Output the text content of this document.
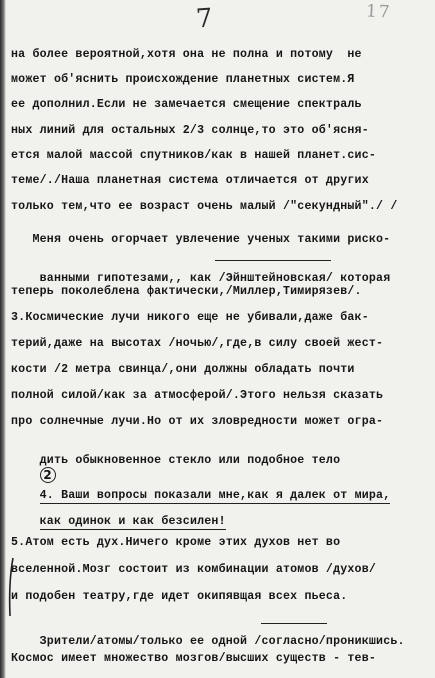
7	17
на более вероятной,хотя она не полна и потому  не
может об'яснить происхождение планетных систем.Я
ее дополнил.Если не замечается смещение спектраль
ных линий для остальных 2/3 солнце,то это об'ясня-
ется малой массой спутников/как в нашей планет.сис-
теме/./Наша планетная система отличается от других
только тем,что ее возраст очень малый /"секундный"./ /
Меня очень огорчает увлечение ученых такими риско-

ванными гипотезами,, как /Эйнштейновская/ которая

теперь поколеблена фактически,/Миллер,Тимирязев/.
3.Космические лучи никого еще не убивали,даже бак-
терий,даже на высотах /ночью/,где,в силу своей жест-
кости /2 метра свинца/,они должны обладать почти
полной силой/как за атмосферой/.Этого нельзя сказать
про солнечные лучи.Но от их зловредности может огра-

дить обыкновенное стекло или подобное тело
2

4. Ваши вопросы показали мне,как я далек от мира,

как одинок и как безсилен!

5.Атом есть дух.Ничего кроме этих духов нет во
вселенной.Мозг состоит из комбинации атомов /духов/
и подобен театру,где идет окипявщая всех пьеса.

Зрители/атомы/только ее одной /согласно/проникшись.

Космос имеет множество мозгов/высших существ - тев-
